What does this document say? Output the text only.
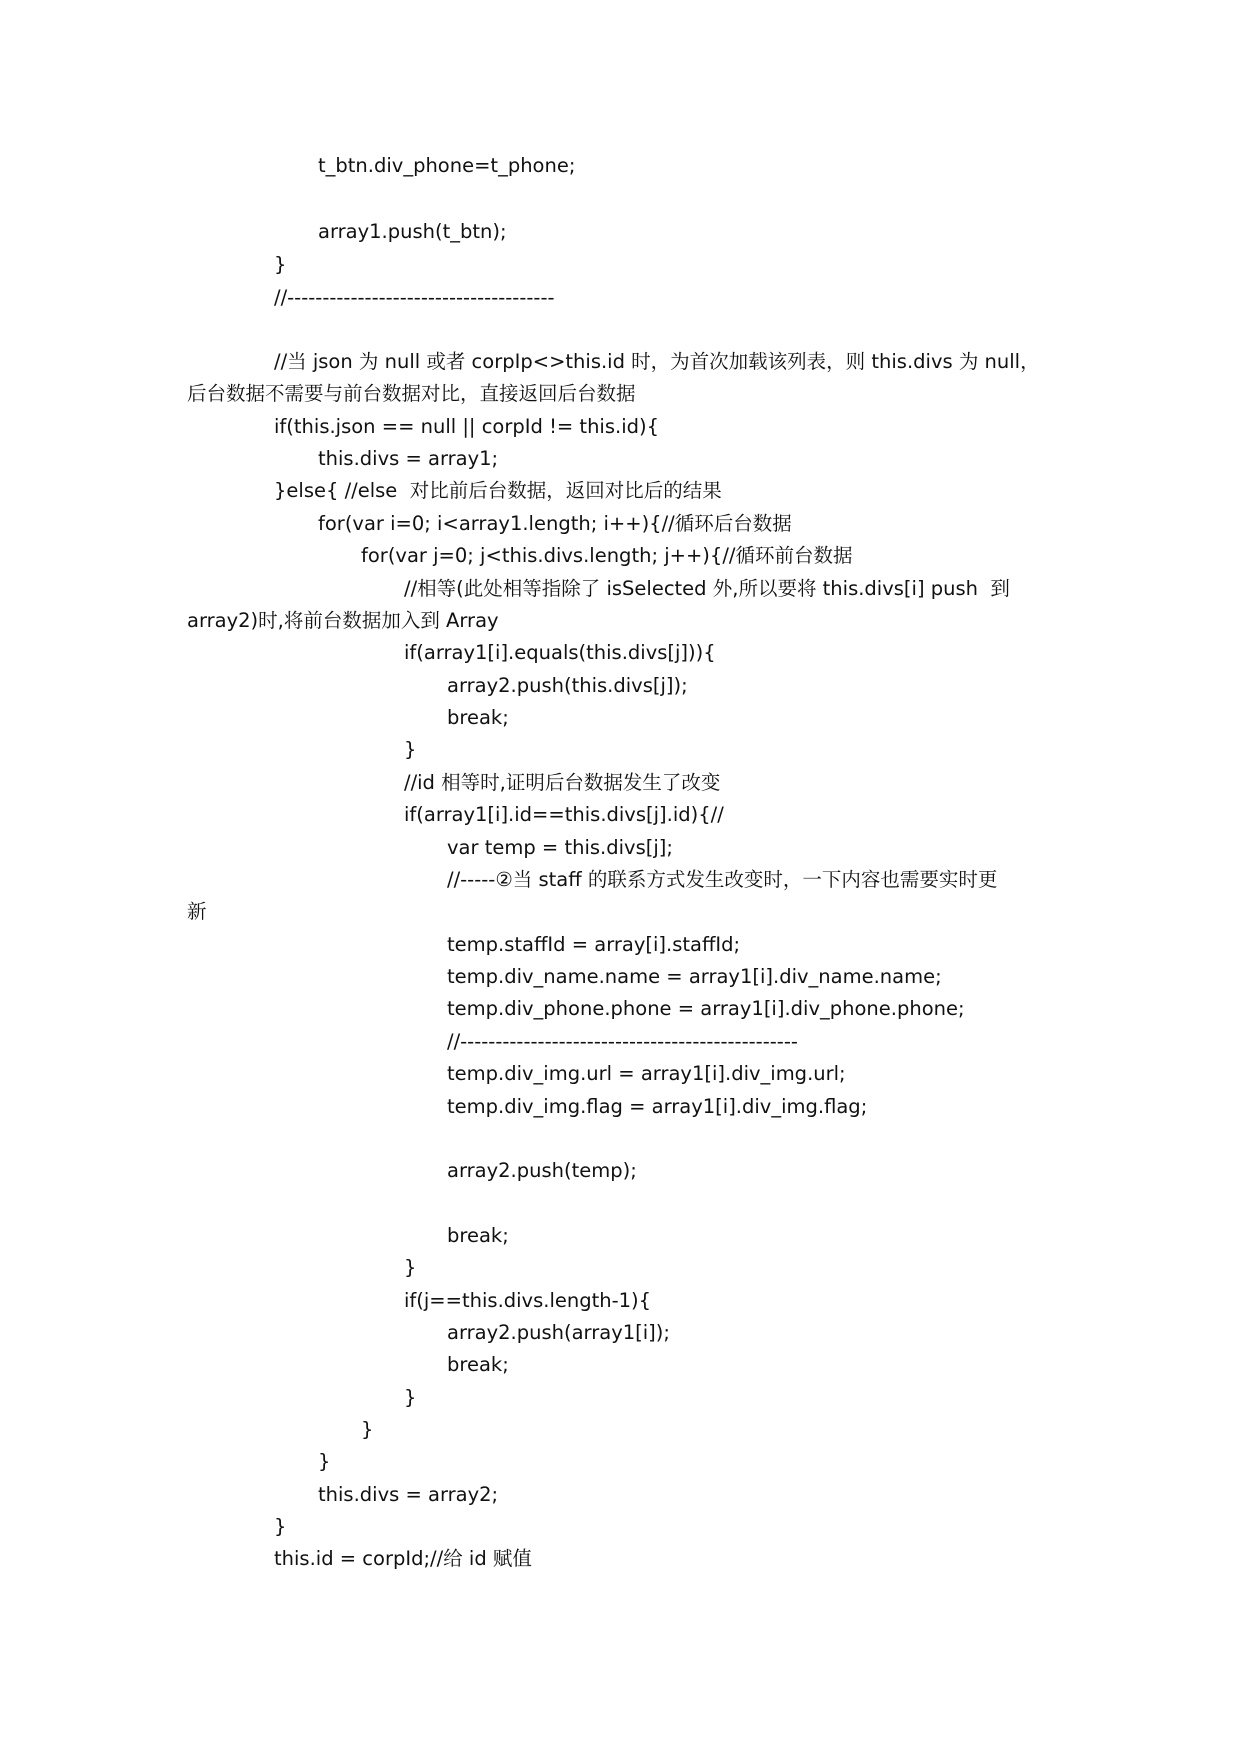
t_btn.div_phone=t_phone;

array1.push(t_btn);

}

//--------------------------------------

//当 json 为 null 或者 corpIp<>this.id 时，为首次加载该列表，则 this.divs 为 null，

后台数据不需要与前台数据对比，直接返回后台数据

if(this.json == null || corpId != this.id){

this.divs = array1;

}else{ //else  对比前后台数据，返回对比后的结果

for(var i=0; i<array1.length; i++){//循环后台数据

for(var j=0; j<this.divs.length; j++){//循环前台数据

//相等(此处相等指除了 isSelected 外,所以要将 this.divs[i] push  到

array2)时,将前台数据加入到 Array

if(array1[i].equals(this.divs[j])){

array2.push(this.divs[j]);

break;

}

//id 相等时,证明后台数据发生了改变

if(array1[i].id==this.divs[j].id){//

var temp = this.divs[j];

//-----②当 staff 的联系方式发生改变时，一下内容也需要实时更

新

temp.staffId = array[i].staffId;

temp.div_name.name = array1[i].div_name.name;

temp.div_phone.phone = array1[i].div_phone.phone;

//------------------------------------------------

temp.div_img.url = array1[i].div_img.url;

temp.div_img.flag = array1[i].div_img.flag;

array2.push(temp);

break;

}

if(j==this.divs.length-1){

array2.push(array1[i]);

break;

}

}

}

this.divs = array2;

}

this.id = corpId;//给 id 赋值
